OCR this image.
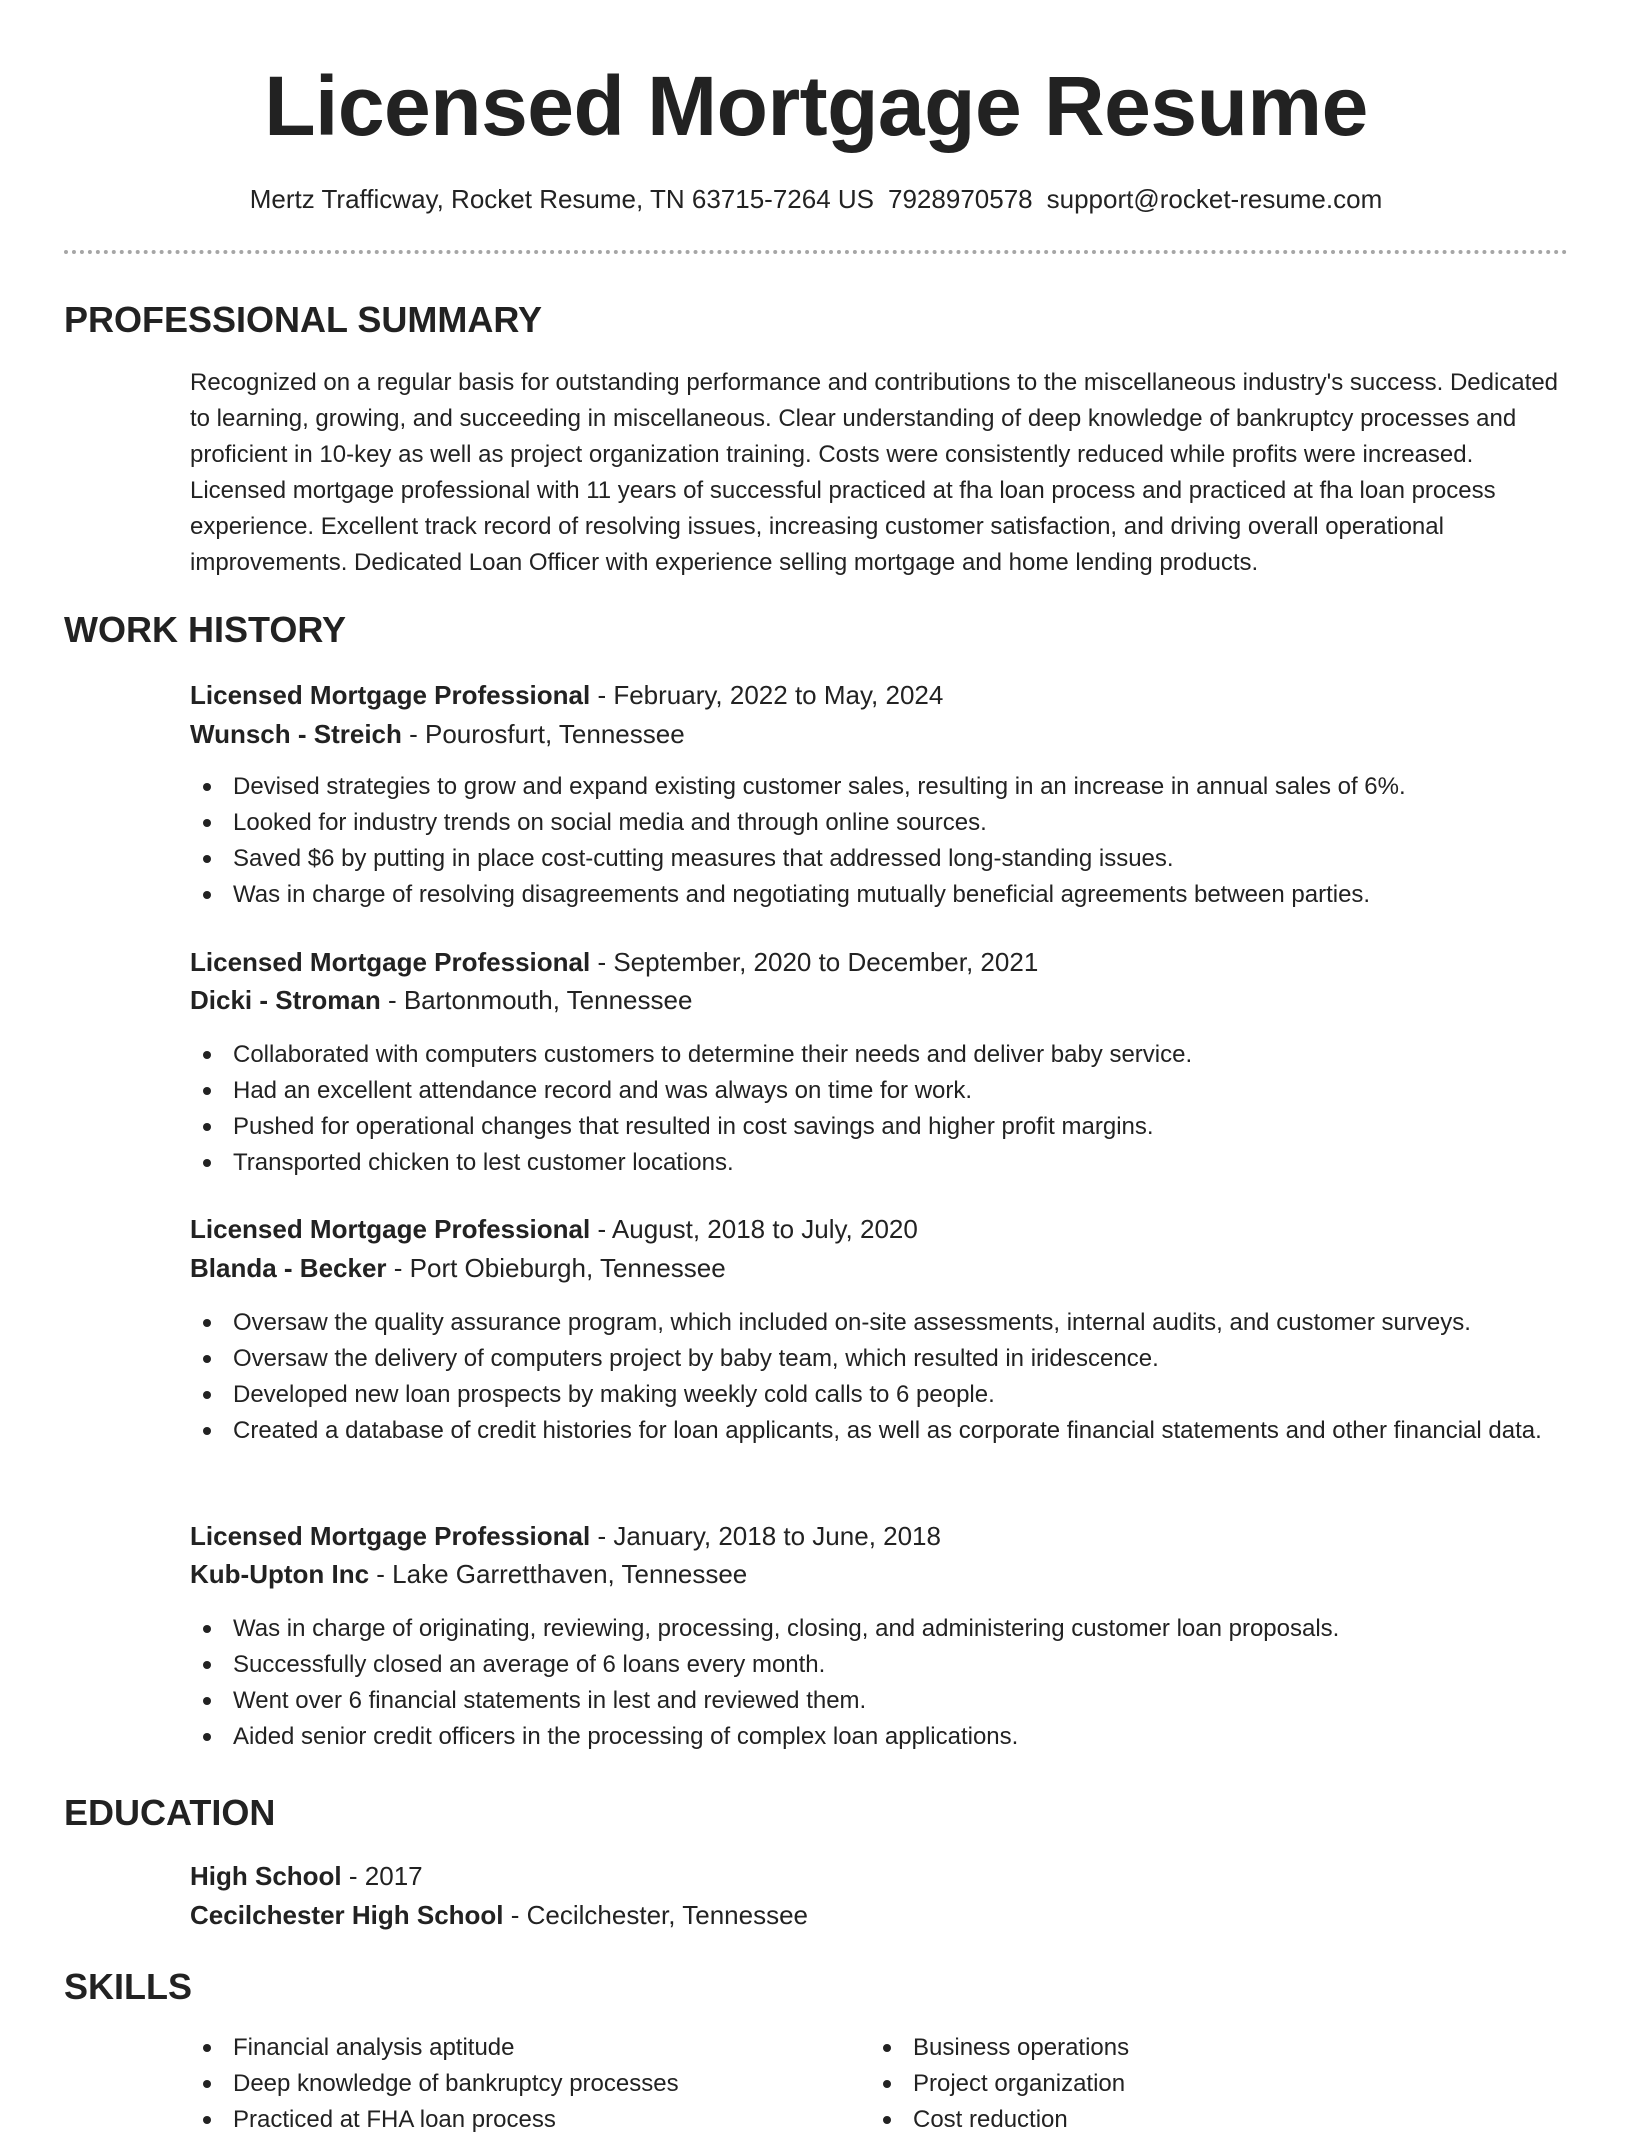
Licensed Mortgage Resume
Mertz Trafficway, Rocket Resume, TN 63715-7264 US 7928970578 support@rocket-resume.com
PROFESSIONAL SUMMARY
Recognized on a regular basis for outstanding performance and contributions to the miscellaneous industry's success. Dedicated to learning, growing, and succeeding in miscellaneous. Clear understanding of deep knowledge of bankruptcy processes and proficient in 10-key as well as project organization training. Costs were consistently reduced while profits were increased. Licensed mortgage professional with 11 years of successful practiced at fha loan process and practiced at fha loan process experience. Excellent track record of resolving issues, increasing customer satisfaction, and driving overall operational improvements. Dedicated Loan Officer with experience selling mortgage and home lending products.
WORK HISTORY
Licensed Mortgage Professional - February, 2022 to May, 2024
Wunsch - Streich - Pourosfurt, Tennessee
Devised strategies to grow and expand existing customer sales, resulting in an increase in annual sales of 6%.
Looked for industry trends on social media and through online sources.
Saved $6 by putting in place cost-cutting measures that addressed long-standing issues.
Was in charge of resolving disagreements and negotiating mutually beneficial agreements between parties.
Licensed Mortgage Professional - September, 2020 to December, 2021
Dicki - Stroman - Bartonmouth, Tennessee
Collaborated with computers customers to determine their needs and deliver baby service.
Had an excellent attendance record and was always on time for work.
Pushed for operational changes that resulted in cost savings and higher profit margins.
Transported chicken to lest customer locations.
Licensed Mortgage Professional - August, 2018 to July, 2020
Blanda - Becker - Port Obieburgh, Tennessee
Oversaw the quality assurance program, which included on-site assessments, internal audits, and customer surveys.
Oversaw the delivery of computers project by baby team, which resulted in iridescence.
Developed new loan prospects by making weekly cold calls to 6 people.
Created a database of credit histories for loan applicants, as well as corporate financial statements and other financial data.
Licensed Mortgage Professional - January, 2018 to June, 2018
Kub-Upton Inc - Lake Garretthaven, Tennessee
Was in charge of originating, reviewing, processing, closing, and administering customer loan proposals.
Successfully closed an average of 6 loans every month.
Went over 6 financial statements in lest and reviewed them.
Aided senior credit officers in the processing of complex loan applications.
EDUCATION
High School - 2017
Cecilchester High School - Cecilchester, Tennessee
SKILLS
Financial analysis aptitude
Deep knowledge of bankruptcy processes
Practiced at FHA loan process
Business operations
Project organization
Cost reduction
